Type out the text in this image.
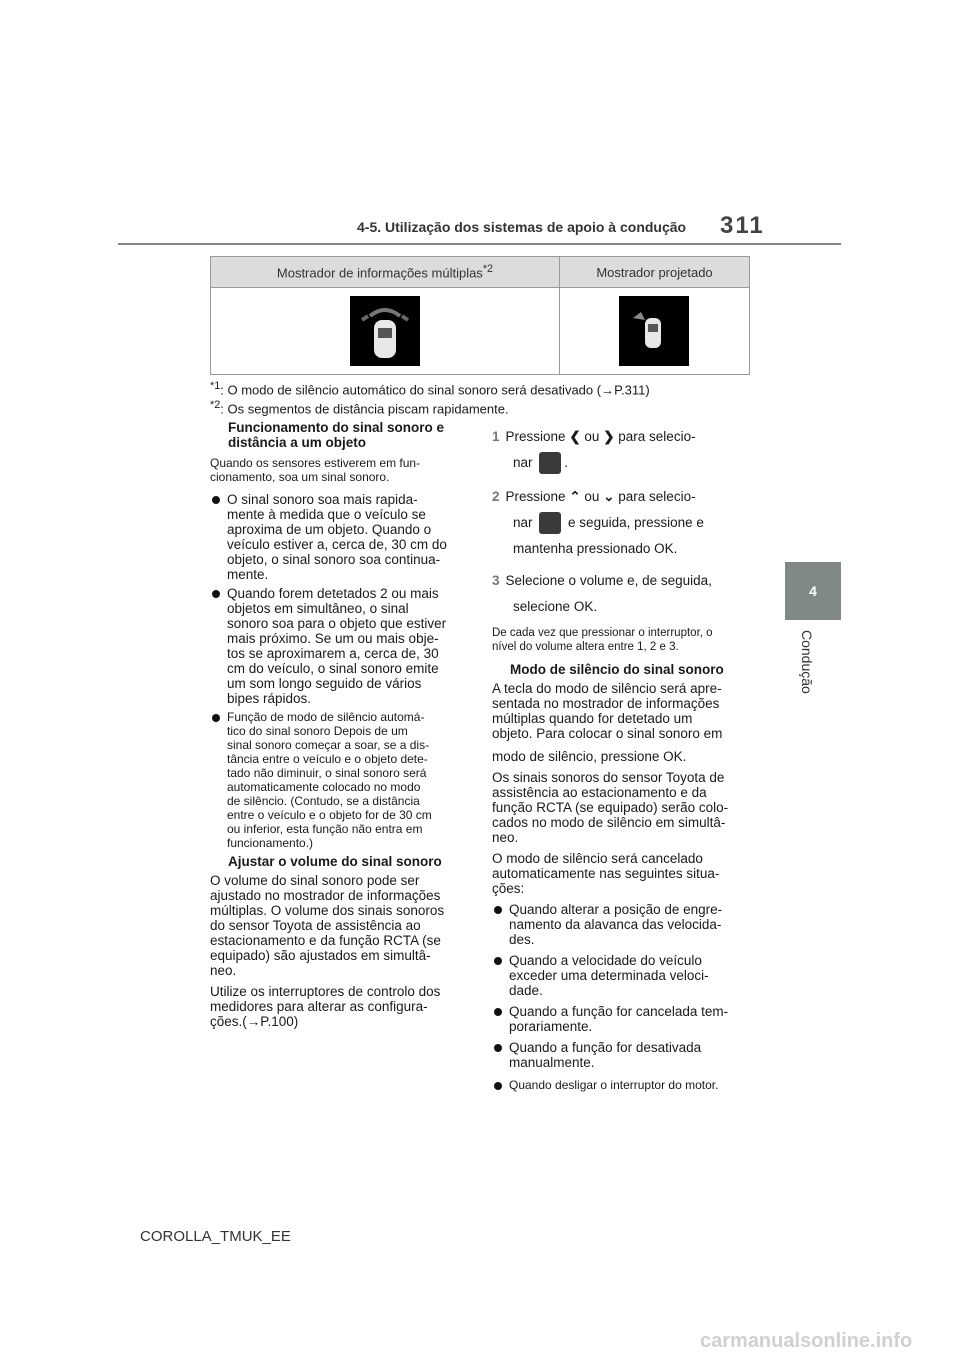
4-5. Utilização dos sistemas de apoio à condução 311
4
Condução
Mostrador de informações múltiplas$^{*2}$	Mostrador projetado

$^{*1}$: O modo de silêncio automático do sinal sonoro será desativado (→P.311)
$^{*2}$: Os segmentos de distância piscam rapidamente.
Funcionamento do sinal sonoro e
distância a um objeto
Quando os sensores estiverem em fun-
cionamento, soa um sinal sonoro.
O sinal sonoro soa mais rapida-
mente à medida que o veículo se
aproxima de um objeto. Quando o
veículo estiver a, cerca de, 30 cm do
objeto, o sinal sonoro soa continua-
mente.
Quando forem detetados 2 ou mais
objetos em simultâneo, o sinal
sonoro soa para o objeto que estiver
mais próximo. Se um ou mais obje-
tos se aproximarem a, cerca de, 30
cm do veículo, o sinal sonoro emite
um som longo seguido de vários
bipes rápidos.
Função de modo de silêncio automá-
tico do sinal sonoro Depois de um
sinal sonoro começar a soar, se a dis-
tância entre o veículo e o objeto dete-
tado não diminuir, o sinal sonoro será
automaticamente colocado no modo
de silêncio. (Contudo, se a distância
entre o veículo e o objeto for de 30 cm
ou inferior, esta função não entra em
funcionamento.)
Ajustar o volume do sinal sonoro
O volume do sinal sonoro pode ser
ajustado no mostrador de informações
múltiplas. O volume dos sinais sonoros
do sensor Toyota de assistência ao
estacionamento e da função RCTA (se
equipado) são ajustados em simultâ-
neo.
Utilize os interruptores de controlo dos
medidores para alterar as configura-
ções.(→P.100)
1 Pressione ❮ ou ❯ para selecio-
nar .
2 Pressione ⌃ ou ⌄ para selecio-
nar	e seguida, pressione e
mantenha pressionado OK.
3 Selecione o volume e, de seguida,
selecione OK.
De cada vez que pressionar o interruptor, o
nível do volume altera entre 1, 2 e 3.
Modo de silêncio do sinal sonoro
A tecla do modo de silêncio será apre-
sentada no mostrador de informações
múltiplas quando for detetado um
objeto. Para colocar o sinal sonoro em
modo de silêncio, pressione OK.
Os sinais sonoros do sensor Toyota de
assistência ao estacionamento e da
função RCTA (se equipado) serão colo-
cados no modo de silêncio em simultâ-
neo.
O modo de silêncio será cancelado
automaticamente nas seguintes situa-
ções:
Quando alterar a posição de engre-
namento da alavanca das velocida-
des.
Quando a velocidade do veículo
exceder uma determinada veloci-
dade.
Quando a função for cancelada tem-
porariamente.
Quando a função for desativada
manualmente.
Quando desligar o interruptor do motor.
COROLLA_TMUK_EE
carmanualsonline.info
